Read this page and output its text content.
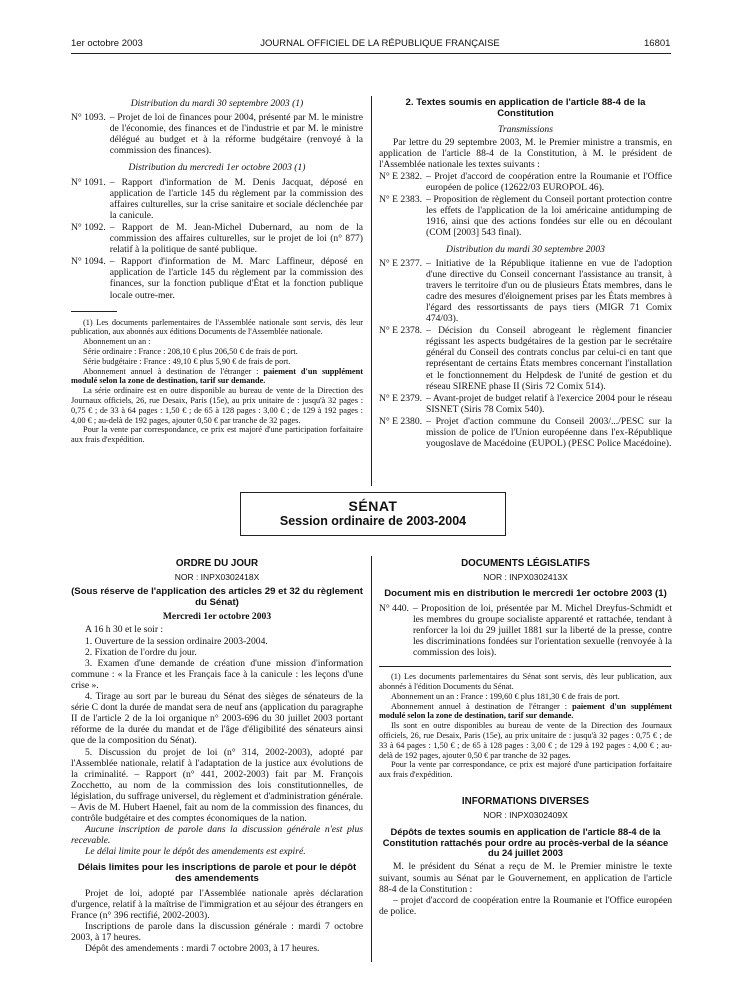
1er octobre 2003	JOURNAL OFFICIEL DE LA RÉPUBLIQUE FRANÇAISE	16801
Distribution du mardi 30 septembre 2003 (1)
N° 1093. – Projet de loi de finances pour 2004, présenté par M. le ministre de l'économie, des finances et de l'industrie et par M. le ministre délégué au budget et à la réforme budgétaire (renvoyé à la commission des finances).
Distribution du mercredi 1er octobre 2003 (1)
N° 1091. – Rapport d'information de M. Denis Jacquat, déposé en application de l'article 145 du règlement par la commission des affaires culturelles, sur la crise sanitaire et sociale déclenchée par la canicule.
N° 1092. – Rapport de M. Jean-Michel Dubernard, au nom de la commission des affaires culturelles, sur le projet de loi (n° 877) relatif à la politique de santé publique.
N° 1094. – Rapport d'information de M. Marc Laffineur, déposé en application de l'article 145 du règlement par la commission des finances, sur la fonction publique d'État et la fonction publique locale outre-mer.

(1) Les documents parlementaires de l'Assemblée nationale sont servis, dès leur publication, aux abonnés aux éditions Documents de l'Assemblée nationale.

Abonnement un an :

Série ordinaire : France : 208,10 € plus 206,50 € de frais de port.

Série budgétaire : France : 49,10 € plus 5,90 € de frais de port.

Abonnement annuel à destination de l'étranger : paiement d'un supplément modulé selon la zone de destination, tarif sur demande.

La série ordinaire est en outre disponible au bureau de vente de la Direction des Journaux officiels, 26, rue Desaix, Paris (15e), au prix unitaire de : jusqu'à 32 pages : 0,75 € ; de 33 à 64 pages : 1,50 € ; de 65 à 128 pages : 3,00 € ; de 129 à 192 pages : 4,00 € ; au-delà de 192 pages, ajouter 0,50 € par tranche de 32 pages.

Pour la vente par correspondance, ce prix est majoré d'une participation forfaitaire aux frais d'expédition.

2. Textes soumis en application de l'article 88-4 de la Constitution
Transmissions
Par lettre du 29 septembre 2003, M. le Premier ministre a transmis, en application de l'article 88-4 de la Constitution, à M. le président de l'Assemblée nationale les textes suivants :
N° E 2382. – Projet d'accord de coopération entre la Roumanie et l'Office européen de police (12622/03 EUROPOL 46).
N° E 2383. – Proposition de règlement du Conseil portant protection contre les effets de l'application de la loi américaine antidumping de 1916, ainsi que des actions fondées sur elle ou en découlant (COM [2003] 543 final).
Distribution du mardi 30 septembre 2003
N° E 2377. – Initiative de la République italienne en vue de l'adoption d'une directive du Conseil concernant l'assistance au transit, à travers le territoire d'un ou de plusieurs États membres, dans le cadre des mesures d'éloignement prises par les États membres à l'égard des ressortissants de pays tiers (MIGR 71 Comix 474/03).
N° E 2378. – Décision du Conseil abrogeant le règlement financier régissant les aspects budgétaires de la gestion par le secrétaire général du Conseil des contrats conclus par celui-ci en tant que représentant de certains États membres concernant l'installation et le fonctionnement du Helpdesk de l'unité de gestion et du réseau SIRENE phase II (Siris 72 Comix 514).
N° E 2379. – Avant-projet de budget relatif à l'exercice 2004 pour le réseau SISNET (Siris 78 Comix 540).
N° E 2380. – Projet d'action commune du Conseil 2003/.../PESC sur la mission de police de l'Union européenne dans l'ex-République yougoslave de Macédoine (EUPOL) (PESC Police Macédoine).
SÉNAT
Session ordinaire de 2003-2004
ORDRE DU JOUR
NOR : INPX0302418X
(Sous réserve de l'application des articles 29 et 32 du règlement du Sénat)
Mercredi 1er octobre 2003
A 16 h 30 et le soir :
1. Ouverture de la session ordinaire 2003-2004.
2. Fixation de l'ordre du jour.
3. Examen d'une demande de création d'une mission d'information commune : « la France et les Français face à la canicule : les leçons d'une crise ».
4. Tirage au sort par le bureau du Sénat des sièges de sénateurs de la série C dont la durée de mandat sera de neuf ans (application du paragraphe II de l'article 2 de la loi organique n° 2003-696 du 30 juillet 2003 portant réforme de la durée du mandat et de l'âge d'éligibilité des sénateurs ainsi que de la composition du Sénat).
5. Discussion du projet de loi (n° 314, 2002-2003), adopté par l'Assemblée nationale, relatif à l'adaptation de la justice aux évolutions de la criminalité. – Rapport (n° 441, 2002-2003) fait par M. François Zocchetto, au nom de la commission des lois constitutionnelles, de législation, du suffrage universel, du règlement et d'administration générale. – Avis de M. Hubert Haenel, fait au nom de la commission des finances, du contrôle budgétaire et des comptes économiques de la nation.
Aucune inscription de parole dans la discussion générale n'est plus recevable.
Le délai limite pour le dépôt des amendements est expiré.
Délais limites pour les inscriptions de parole et pour le dépôt des amendements
Projet de loi, adopté par l'Assemblée nationale après déclaration d'urgence, relatif à la maîtrise de l'immigration et au séjour des étrangers en France (n° 396 rectifié, 2002-2003).
Inscriptions de parole dans la discussion générale : mardi 7 octobre 2003, à 17 heures.
Dépôt des amendements : mardi 7 octobre 2003, à 17 heures.
DOCUMENTS LÉGISLATIFS
NOR : INPX0302413X
Document mis en distribution le mercredi 1er octobre 2003 (1)
N° 440. – Proposition de loi, présentée par M. Michel Dreyfus-Schmidt et les membres du groupe socialiste apparenté et rattachée, tendant à renforcer la loi du 29 juillet 1881 sur la liberté de la presse, contre les discriminations fondées sur l'orientation sexuelle (renvoyée à la commission des lois).

(1) Les documents parlementaires du Sénat sont servis, dès leur publication, aux abonnés à l'édition Documents du Sénat.

Abonnement un an : France : 199,60 € plus 181,30 € de frais de port.

Abonnement annuel à destination de l'étranger : paiement d'un supplément modulé selon la zone de destination, tarif sur demande.

Ils sont en outre disponibles au bureau de vente de la Direction des Journaux officiels, 26, rue Desaix, Paris (15e), au prix unitaire de : jusqu'à 32 pages : 0,75 € ; de 33 à 64 pages : 1,50 € ; de 65 à 128 pages : 3,00 € ; de 129 à 192 pages : 4,00 € ; au-delà de 192 pages, ajouter 0,50 € par tranche de 32 pages.

Pour la vente par correspondance, ce prix est majoré d'une participation forfaitaire aux frais d'expédition.

INFORMATIONS DIVERSES
NOR : INPX0302409X
Dépôts de textes soumis en application de l'article 88-4 de la Constitution rattachés pour ordre au procès-verbal de la séance du 24 juillet 2003
M. le président du Sénat a reçu de M. le Premier ministre le texte suivant, soumis au Sénat par le Gouvernement, en application de l'article 88-4 de la Constitution :
– projet d'accord de coopération entre la Roumanie et l'Office européen de police.
